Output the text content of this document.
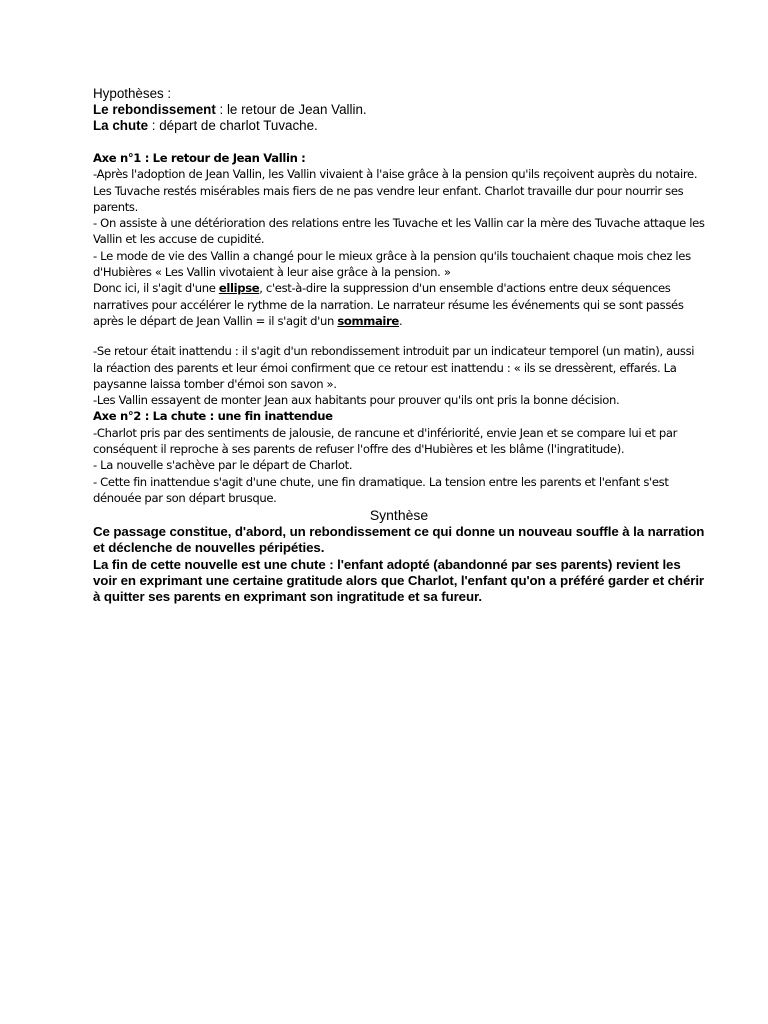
Hypothèses :

Le rebondissement : le retour de Jean Vallin.

La chute : départ de charlot Tuvache.

Axe n°1 : Le retour de Jean Vallin :

-Après l'adoption de Jean Vallin, les Vallin vivaient à l'aise grâce à la pension qu'ils reçoivent auprès du notaire. Les Tuvache restés misérables mais fiers de ne pas vendre leur enfant. Charlot travaille dur pour nourrir ses parents.

- On assiste à une détérioration des relations entre les Tuvache et les Vallin car la mère des Tuvache attaque les Vallin et les accuse de cupidité.

- Le mode de vie des Vallin a changé pour le mieux grâce à la pension qu'ils touchaient chaque mois chez les d'Hubières « Les Vallin vivotaient à leur aise grâce à la pension. »

Donc ici, il s'agit d'une ellipse, c'est-à-dire la suppression d'un ensemble d'actions entre deux séquences narratives pour accélérer le rythme de la narration. Le narrateur résume les événements qui se sont passés après le départ de Jean Vallin = il s'agit d'un sommaire.

-Se retour était inattendu : il s'agit d'un rebondissement introduit par un indicateur temporel (un matin), aussi la réaction des parents et leur émoi confirment que ce retour est inattendu : « ils se dressèrent, effarés. La paysanne laissa tomber d'émoi son savon ».

-Les Vallin essayent de monter Jean aux habitants pour prouver qu'ils ont pris la bonne décision.

Axe n°2 : La chute : une fin inattendue

-Charlot pris par des sentiments de jalousie, de rancune et d'infériorité, envie Jean et se compare lui et par conséquent il reproche à ses parents de refuser l'offre des d'Hubières et les blâme (l'ingratitude).

- La nouvelle s'achève par le départ de Charlot.

- Cette fin inattendue s'agit d'une chute, une fin dramatique. La tension entre les parents et l'enfant s'est dénouée par son départ brusque.

Synthèse

Ce passage constitue, d'abord, un rebondissement ce qui donne un nouveau souffle à la narration et déclenche de nouvelles péripéties.

La fin de cette nouvelle est une chute : l'enfant adopté (abandonné par ses parents) revient les voir en exprimant une certaine gratitude alors que Charlot, l'enfant qu'on a préféré garder et chérir à quitter ses parents en exprimant son ingratitude et sa fureur.
